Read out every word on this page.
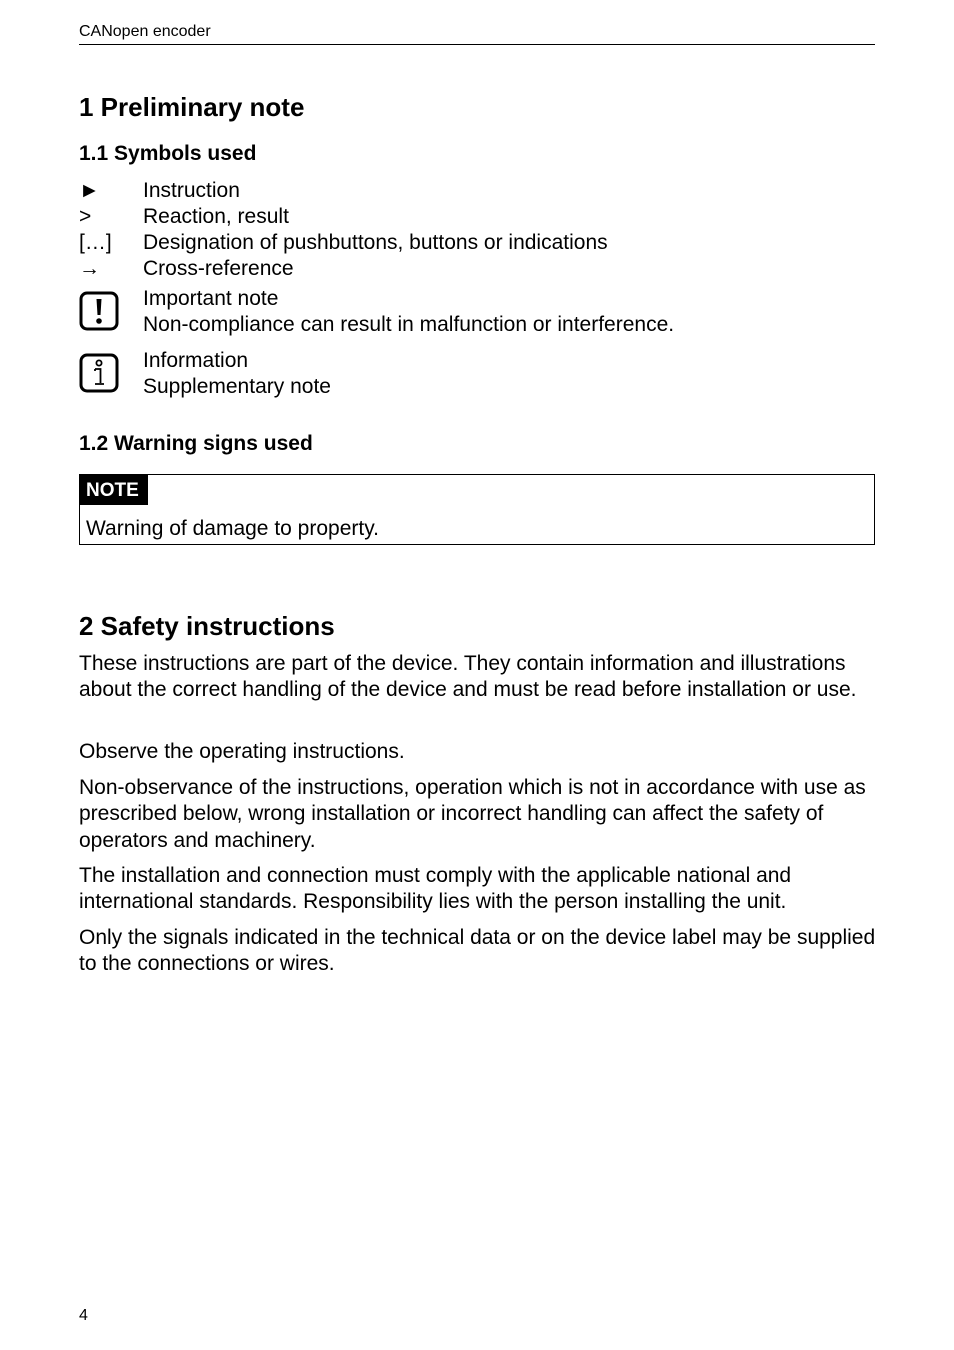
CANopen encoder
1 Preliminary note
1.1 Symbols used
►	Instruction
>	Reaction, result
[…]	Designation of pushbuttons, buttons or indications
→	Cross-reference
Important note
Non-compliance can result in malfunction or interference.
Information
Supplementary note
1.2 Warning signs used
NOTE
Warning of damage to property.
2 Safety instructions

These instructions are part of the device. They contain information and illustrations about the correct handling of the device and must be read before installation or use.

Observe the operating instructions.

Non-observance of the instructions, operation which is not in accordance with use as prescribed below, wrong installation or incorrect handling can affect the safety of operators and machinery.

The installation and connection must comply with the applicable national and international standards. Responsibility lies with the person installing the unit.

Only the signals indicated in the technical data or on the device label may be supplied to the connections or wires.

4
